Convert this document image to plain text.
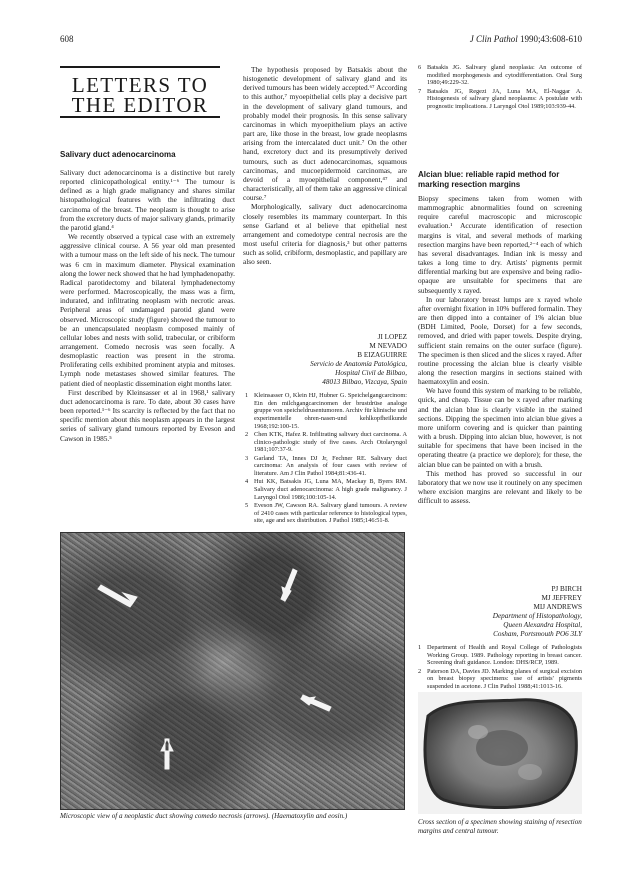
608	J Clin Pathol 1990;43:608-610
LETTERS TO
THE EDITOR
Salivary duct adenocarcinoma

Salivary duct adenocarcinoma is a distinctive but rarely reported clinicopathological entity.¹⁻⁶ The tumour is defined as a high grade malignancy and shares similar histopathological features with the infiltrating duct carcinoma of the breast. The neoplasm is thought to arise from the excretory ducts of major salivary glands, primarily the parotid gland.⁴

We recently observed a typical case with an extremely aggressive clinical course. A 56 year old man presented with a tumour mass on the left side of his neck. The tumour was 6 cm in maximum diameter. Physical examination along the lower neck showed that he had lymphadenopathy. Radical parotidectomy and bilateral lymphadenectomy were performed. Macroscopically, the mass was a firm, indurated, and infiltrating neoplasm with necrotic areas. Peripheral areas of undamaged parotid gland were observed. Microscopic study (figure) showed the tumour to be an unencapsulated neoplasm composed mainly of cellular lobes and nests with solid, trabecular, or cribiform arrangement. Comedo necrosis was seen focally. A desmoplastic reaction was present in the stroma. Proliferating cells exhibited prominent atypia and mitoses. Lymph node metastases showed similar features. The patient died of neoplastic dissemination eight months later.

First described by Kleinsasser et al in 1968,¹ salivary duct adenocarcinoma is rare. To date, about 30 cases have been reported.¹⁻⁶ Its scarcity is reflected by the fact that no specific mention about this neoplasm appears in the largest series of salivary gland tumours reported by Eveson and Cawson in 1985.⁵

The hypothesis proposed by Batsakis about the histogenetic development of salivary gland and its derived tumours has been widely accepted.⁶⁷ According to this author,⁷ myoepithelial cells play a decisive part in the development of salivary gland tumours, and probably model their prognosis. In this sense salivary carcinomas in which myoepithelium plays an active part are, like those in the breast, low grade neoplasms arising from the intercalated duct unit.⁷ On the other hand, excretory duct and its presumptively derived tumours, such as duct adenocarcinomas, squamous carcinomas, and mucoepidermoid carcinomas, are devoid of a myoepithelial component,⁴⁷ and characteristically, all of them take an aggressive clinical course.⁷

Morphologically, salivary duct adenocarcinoma closely resembles its mammary counterpart. In this sense Garland et al believe that epithelial nest arrangement and comedotype central necrosis are the most useful criteria for diagnosis,³ but other patterns such as solid, cribiform, desmoplastic, and papillary are also seen.

JI LOPEZ
M NEVADO
B EIZAGUIRRE
Servicio de Anatomía Patológica,
Hospital Civil de Bilbao,
48013 Bilbao, Vizcaya, Spain
1 Kleinsasser O, Klein HJ, Hubner G. Speichelgangcarcinom: Ein den milchgangcarcinomen der brustdrüse analoge gruppe von speicheldrusentumoren. Archiv für klinische und experimentelle ohren-nasen-und kehlkopfheilkunde 1968;192:100-15.
2 Chen KTK, Hafez R. Infiltrating salivary duct carcinoma. A clinico-pathologic study of five cases. Arch Otolaryngol 1981;107:37-9.
3 Garland TA, Innes DJ Jr, Fechner RE. Salivary duct carcinoma: An analysis of four cases with review of literature. Am J Clin Pathol 1984;81:436-41.
4 Hui KK, Batsakis JG, Luna MA, Mackay B, Byers RM. Salivary duct adenocarcinoma: A high grade malignancy. J Laryngol Otol 1986;100:105-14.
5 Eveson JW, Cawson RA. Salivary gland tumours. A review of 2410 cases with particular reference to histological types, site, age and sex distribution. J Pathol 1985;146:51-8.
6 Batsakis JG. Salivary gland neoplasia: An outcome of modified morphogenesis and cytodifferentiation. Oral Surg 1980;49:229-32.
7 Batsakis JG, Regezi JA, Luna MA, El-Naggar A. Histogenesis of salivary gland neoplasms: A postulate with prognostic implications. J Laryngol Otol 1989;103:939-44.
Alcian blue: reliable rapid method for marking resection margins

Biopsy specimens taken from women with mammographic abnormalities found on screening require careful macroscopic and microscopic evaluation.¹ Accurate identification of resection margins is vital, and several methods of marking resection margins have been reported,²⁻⁴ each of which has several disadvantages. Indian ink is messy and takes a long time to dry. Artists' pigments permit differential marking but are expensive and being radio-opaque are unsuitable for specimens that are subsequently x rayed.

In our laboratory breast lumps are x rayed whole after overnight fixation in 10% buffered formalin. They are then dipped into a container of 1% alcian blue (BDH Limited, Poole, Dorset) for a few seconds, removed, and dried with paper towels. Despite drying, sufficient stain remains on the outer surface (figure). The specimen is then sliced and the slices x rayed. After routine processing the alcian blue is clearly visible along the resection margins in sections stained with haematoxylin and eosin.

We have found this system of marking to be reliable, quick, and cheap. Tissue can be x rayed after marking and the alcian blue is clearly visible in the stained sections. Dipping the specimen into alcian blue gives a more uniform covering and is quicker than painting with a brush. Dipping into alcian blue, however, is not suitable for specimens that have been incised in the operating theatre (a practice we deplore); for these, the alcian blue can be painted on with a brush.

This method has proved so successful in our laboratory that we now use it routinely on any specimen where excision margins are relevant and likely to be difficult to assess.

PJ BIRCH
MJ JEFFREY
MIJ ANDREWS
Department of Histopathology,
Queen Alexandra Hospital,
Cosham, Portsmouth PO6 3LY
1 Department of Health and Royal College of Pathologists Working Group. 1989. Pathology reporting in breast cancer. Screening draft guidance. London: DHS/RCP, 1989.
2 Paterson DA, Davies JD. Marking planes of surgical excision on breast biopsy specimens: use of artists' pigments suspended in acetone. J Clin Pathol 1988;41:1013-16.
Microscopic view of a neoplastic duct showing comedo necrosis (arrows). (Haematoxylin and eosin.)
Cross section of a specimen showing staining of resection margins and central tumour.
